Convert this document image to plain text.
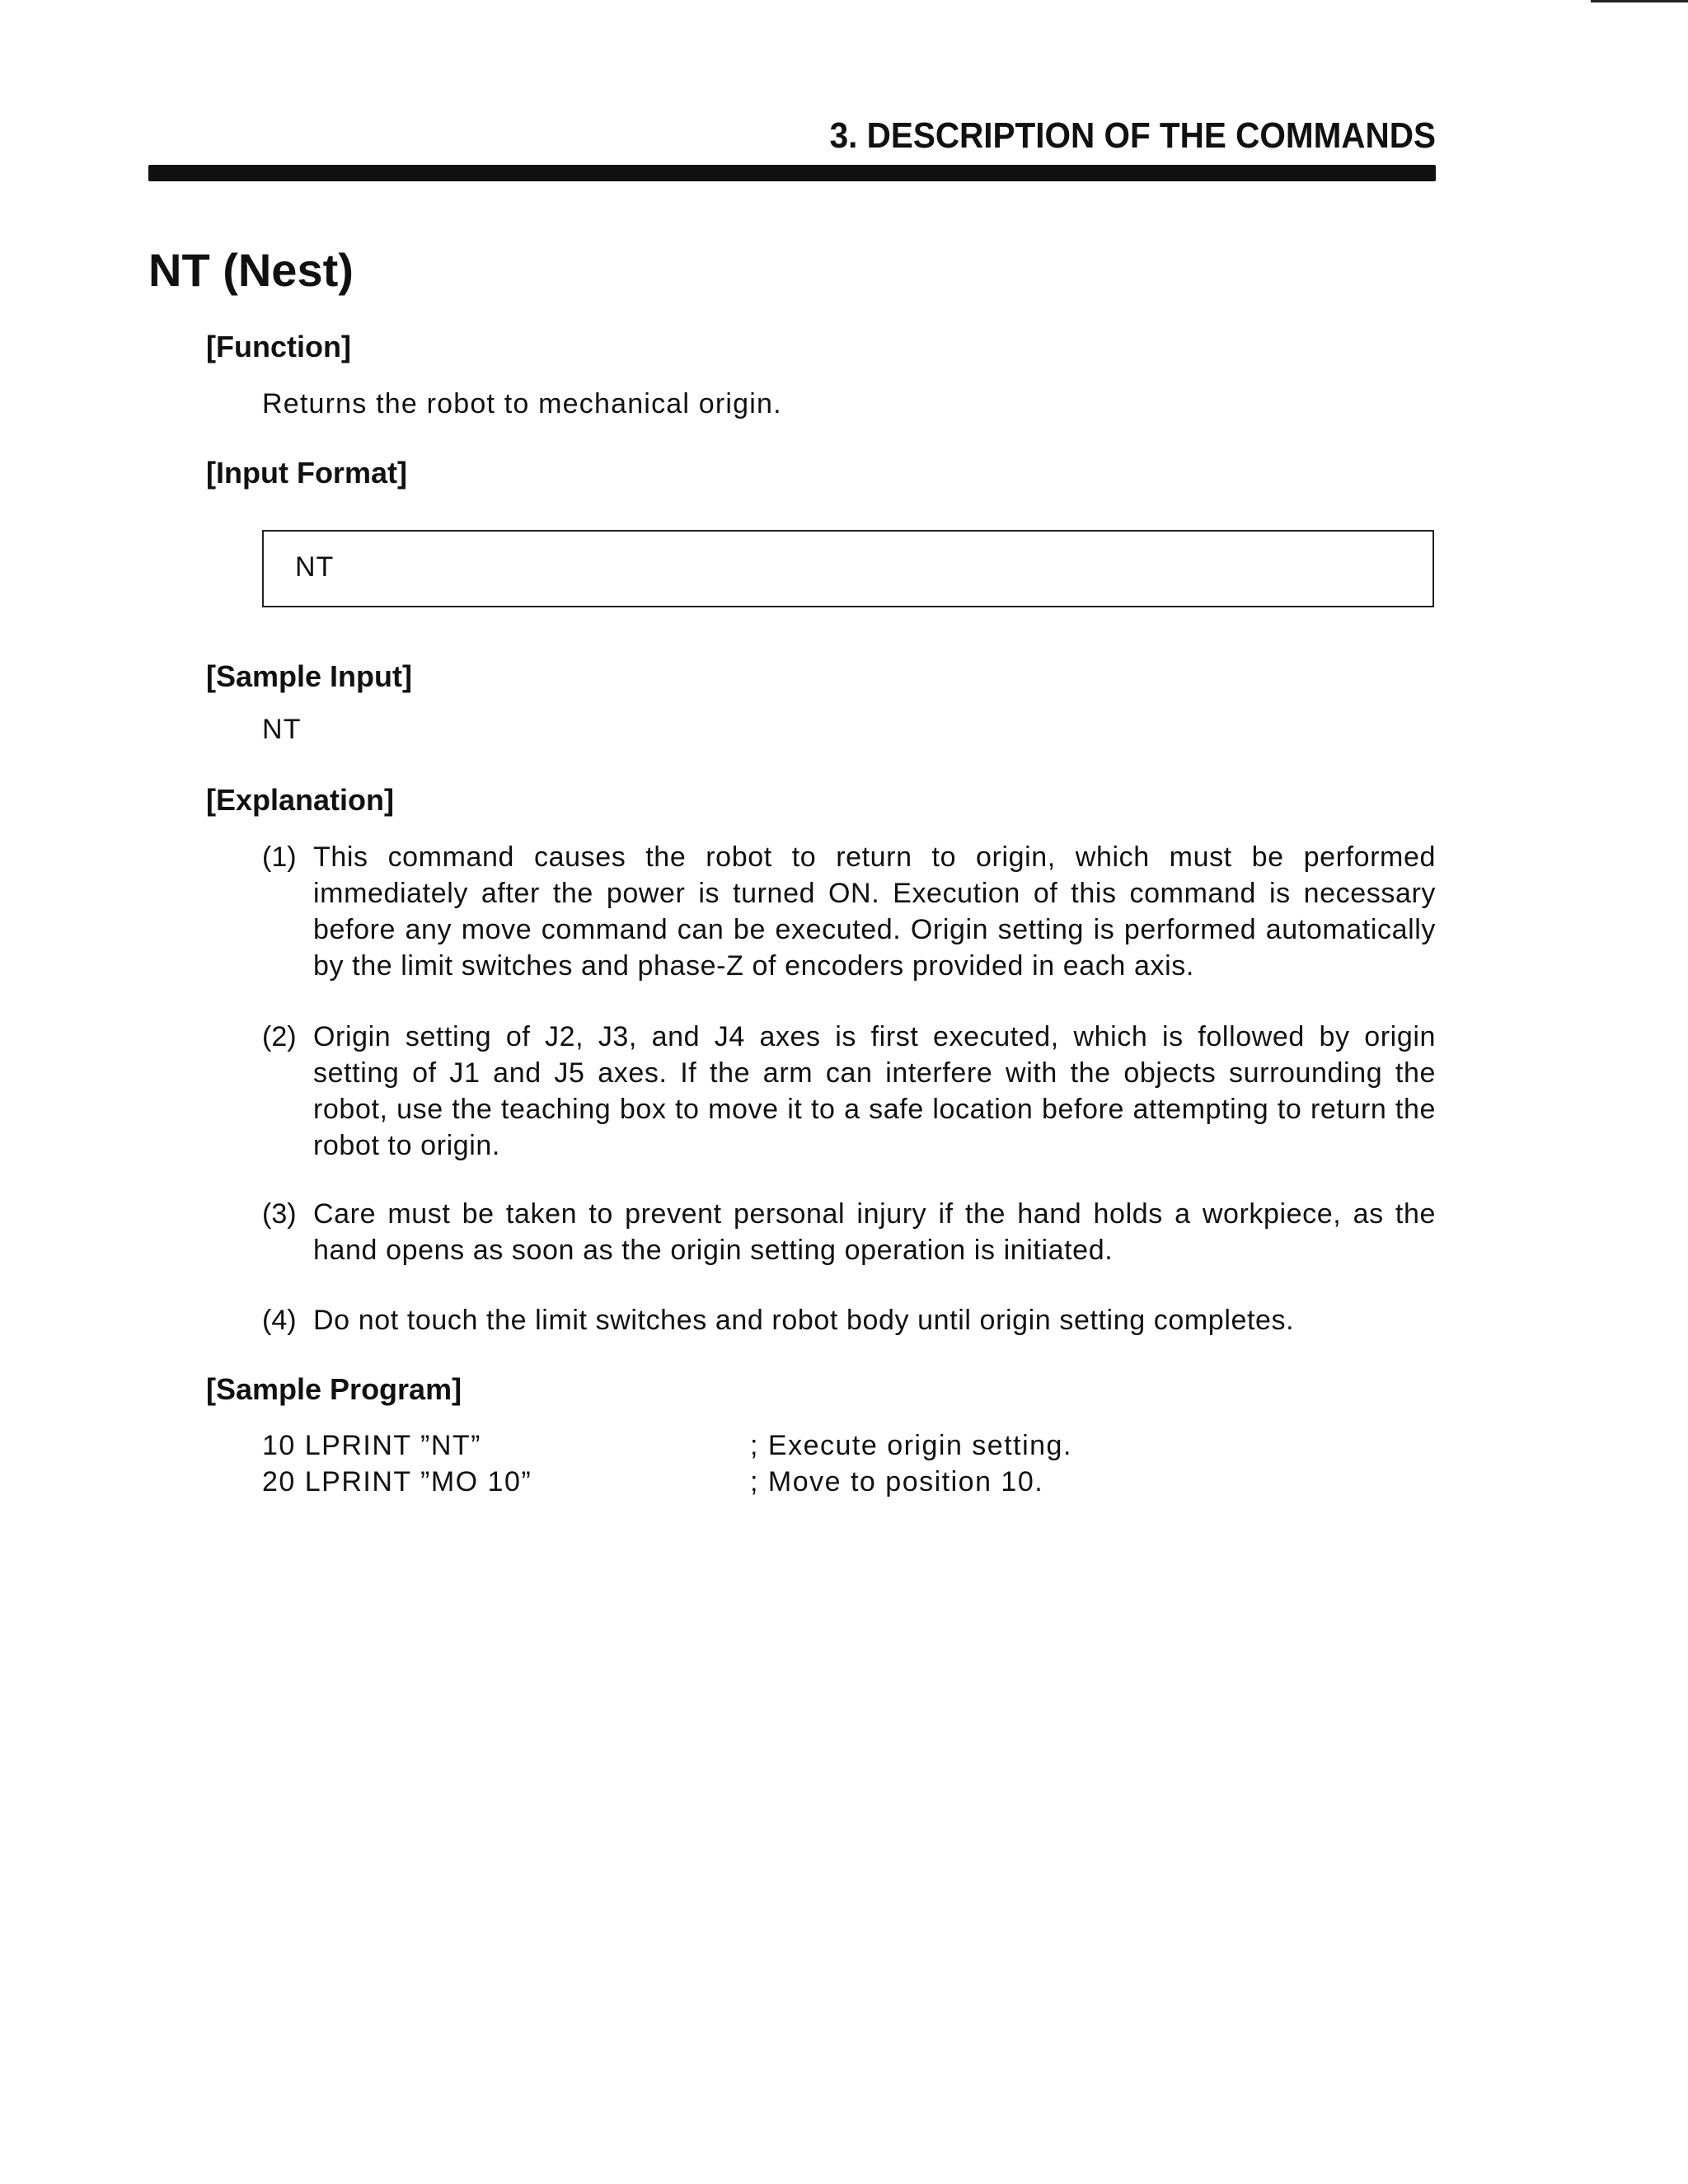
3. DESCRIPTION OF THE COMMANDS
NT (Nest)
[Function]
Returns the robot to mechanical origin.
[Input Format]
NT
[Sample Input]
NT
[Explanation]
(1) This command causes the robot to return to origin, which must be performed immediately after the power is turned ON. Execution of this command is necessary before any move command can be executed. Origin setting is performed automatically by the limit switches and phase-Z of encoders provided in each axis.
(2) Origin setting of J2, J3, and J4 axes is first executed, which is followed by origin setting of J1 and J5 axes. If the arm can interfere with the objects surrounding the robot, use the teaching box to move it to a safe location before attempting to return the robot to origin.
(3) Care must be taken to prevent personal injury if the hand holds a workpiece, as the hand opens as soon as the origin setting operation is initiated.
(4) Do not touch the limit switches and robot body until origin setting completes.
[Sample Program]
10 LPRINT ”NT”	; Execute origin setting.
20 LPRINT ”MO 10”	; Move to position 10.
